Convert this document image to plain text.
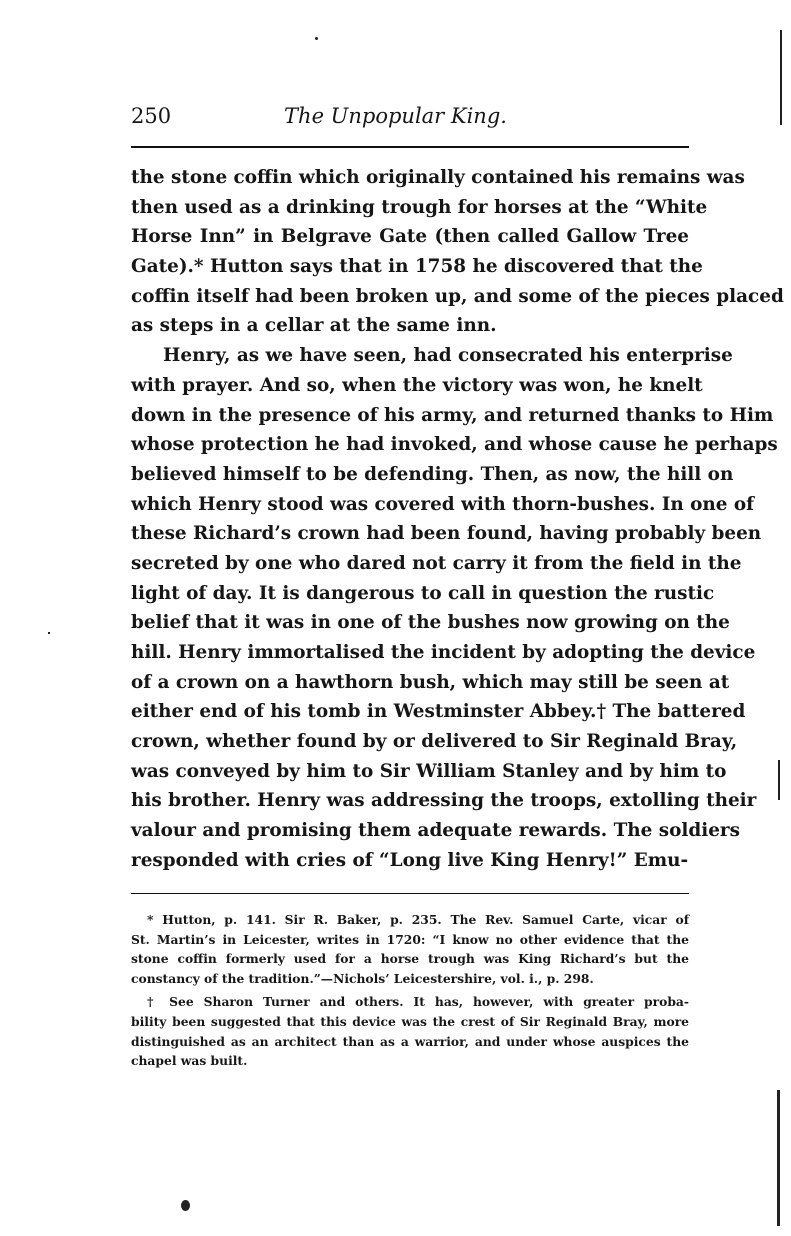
250	The Unpopular King.
the stone coffin which originally contained his remains was
then used as a drinking trough for horses at the “White
Horse Inn” in Belgrave Gate (then called Gallow Tree
Gate).* Hutton says that in 1758 he discovered that the
coffin itself had been broken up, and some of the pieces placed
as steps in a cellar at the same inn.
Henry, as we have seen, had consecrated his enterprise
with prayer. And so, when the victory was won, he knelt
down in the presence of his army, and returned thanks to Him
whose protection he had invoked, and whose cause he perhaps
believed himself to be defending. Then, as now, the hill on
which Henry stood was covered with thorn-bushes. In one of
these Richard’s crown had been found, having probably been
secreted by one who dared not carry it from the field in the
light of day. It is dangerous to call in question the rustic
belief that it was in one of the bushes now growing on the
hill. Henry immortalised the incident by adopting the device
of a crown on a hawthorn bush, which may still be seen at
either end of his tomb in Westminster Abbey.† The battered
crown, whether found by or delivered to Sir Reginald Bray,
was conveyed by him to Sir William Stanley and by him to
his brother. Henry was addressing the troops, extolling their
valour and promising them adequate rewards. The soldiers
responded with cries of “Long live King Henry!” Emu-
* Hutton, p. 141. Sir R. Baker, p. 235. The Rev. Samuel Carte, vicar of
St. Martin’s in Leicester, writes in 1720: “I know no other evidence that the
stone coffin formerly used for a horse trough was King Richard’s but the
constancy of the tradition.”—Nichols’ Leicestershire, vol. i., p. 298.
† See Sharon Turner and others. It has, however, with greater proba-
bility been suggested that this device was the crest of Sir Reginald Bray, more
distinguished as an architect than as a warrior, and under whose auspices the
chapel was built.
